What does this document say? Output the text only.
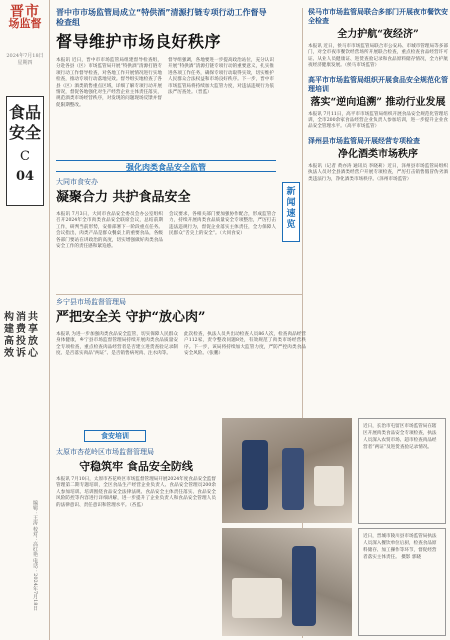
晋市
场监督
2024年7月18日 星期四
食品安全
C
04
构建高效
消费投诉
共享放心
编辑：王涛 校对：高红艳 电话：2024年7月18日
晋中市市场监管局成立“特供酒”清源打链专项行动工作督导检查组
督导维护市场良好秩序
本报讯 近日，晋中市市场监管局组建督导检查组，分赴各县（区）市场监管局开展“特供酒”清源打链专项行动工作督导检查，对各地工作开展情况进行实地检查，推动专项行动落地见效。督导组实地检查了各县（区）酒类销售重点区域，详细了解专项行动开展情况，督促各地强化对生产经营企业主体责任落实，规范酒类市场经营秩序，对发现的问题现场反馈并督促限期整改。
督导组强调，各地要进一步提高政治站位，充分认识开展“特供酒”清源打链专项行动的重要意义，扎实推进各项工作任务，确保专项行动取得实效，切实维护人民群众合法权益和市场良好秩序。下一步，晋中市市场监管局将持续加大监管力度，对违法违规行为依法严厉查处。（晋监）
新闻速览
强化肉类食品安全监管
大同市食安办
凝聚合力 共护食品安全
本报讯 7月3日，大同市食品安全委员会办公室组织召开2024年全市肉类食品安全联席会议，总结前期工作，研判当前形势，安排部署下一阶段重点任务。会议指出，肉类产品是群众餐桌上的重要食品，各级各部门要站在讲政治的高度，切实增强做好肉类食品安全工作的责任感和紧迫感。
会议要求，各相关部门要加强协作配合，形成监管合力，持续开展肉类食品质量安全专项整治，严厉打击违法违规行为，督促企业落实主体责任，全力保障人民群众“舌尖上的安全”。（大同食安）
乡宁县市场监督管理局
严把安全关 守护“放心肉”
本报讯 为进一步加强肉类食品安全监管，切实保障人民群众身体健康，乡宁县市场监督管理局持续开展肉类食品质量安全专项检查，重点检查肉品经营者是否建立进货查验记录制度、是否落实肉品“两证”、是否销售病死肉、注水肉等。
此次检查，执法人员共出动检查人员86人次，检查肉品经营户112家，责令整改问题8处，有效规范了肉类市场经营秩序。下一步，该局将持续加大监管力度，严防严控肉类食品安全风险。（张鹏）
侯马市市场监管局联合多部门开展夜市餐饮安全检查
全力护航“夜经济”
本报讯 近日，侯马市市场监管局联合市公安局、市城市管理局等多部门，对全市夜市餐饮经营场所开展联合检查，重点检查食品经营许可证、从业人员健康证、进货查验记录和食品原料储存情况，全力护航夜经济健康发展。（侯马市场监管）
高平市市场监管局组织开展食品安全规范化管理培训
落实“逆向追溯” 推动行业发展
本报讯 7月11日，高平市市场监管局组织开展食品安全规范化管理培训，全市200余家食品经营企业负责人参加培训，进一步提升企业食品安全管理水平。（高平市场监管）
泽州县市场监管局开展经营专项检查
净化酒类市场秩序
本报讯（记者 黄亦涛 通讯员 李晓莉）近日，泽州县市场监管局组织执法人员对全县酒类经营户开展专项检查，严厉打击销售假冒伪劣酒类违法行为，净化酒类市场秩序。（泽州市场监管）
食安培训
太原市杏花岭区市场监督管理局
守稳筑牢 食品安全防线
本报讯 7月10日，太原市杏花岭区市场监督管理局开展2024年度食品安全监督管理第二期专题培训，全区食品生产经营企业负责人、食品安全管理员200余人参加培训。培训围绕食品安全法律法规、食品安全主体责任落实、食品安全风险防控等内容进行详细讲解，进一步提升了企业负责人和食品安全管理人员的法律意识、责任意识和管理水平。（杏监）
近日，长治市屯留区市场监管局在辖区开展肉类食品安全专项检查，执法人员深入农贸市场、超市检查肉品经营者“两证”及进货查验记录情况。
近日，晋城市陵川县市场监管局执法人员深入餐饮单位后厨，检查食品原料储存、加工操作等环节，督促经营者落实主体责任。 摄影 郭晓
